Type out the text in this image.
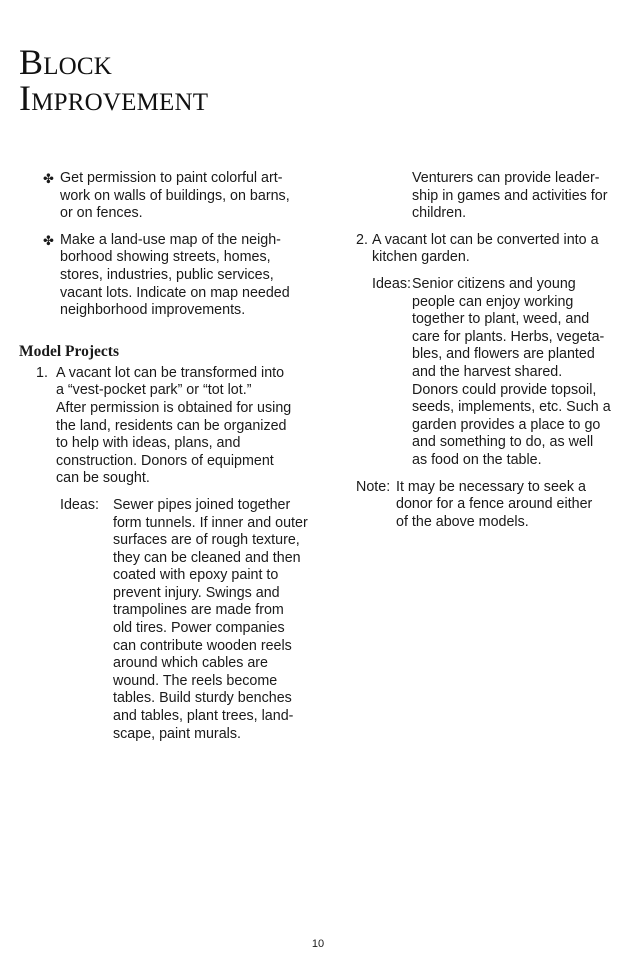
Block
Improvement
✤ Get permission to paint colorful art-
work on walls of buildings, on barns,
or on fences.
✤ Make a land-use map of the neigh-
borhood showing streets, homes,
stores, industries, public services,
vacant lots. Indicate on map needed
neighborhood improvements.
Model Projects
1. A vacant lot can be transformed into
a “vest-pocket park” or “tot lot.”
After permission is obtained for using
the land, residents can be organized
to help with ideas, plans, and
construction. Donors of equipment
can be sought.
Ideas: Sewer pipes joined together
form tunnels. If inner and outer
surfaces are of rough texture,
they can be cleaned and then
coated with epoxy paint to
prevent injury. Swings and
trampolines are made from
old tires. Power companies
can contribute wooden reels
around which cables are
wound. The reels become
tables. Build sturdy benches
and tables, plant trees, land-
scape, paint murals.
Venturers can provide leader-
ship in games and activities for
children.
2. A vacant lot can be converted into a
kitchen garden.
Ideas: Senior citizens and young
people can enjoy working
together to plant, weed, and
care for plants. Herbs, vegeta-
bles, and flowers are planted
and the harvest shared.
Donors could provide topsoil,
seeds, implements, etc. Such a
garden provides a place to go
and something to do, as well
as food on the table.
Note: It may be necessary to seek a
donor for a fence around either
of the above models.
10
